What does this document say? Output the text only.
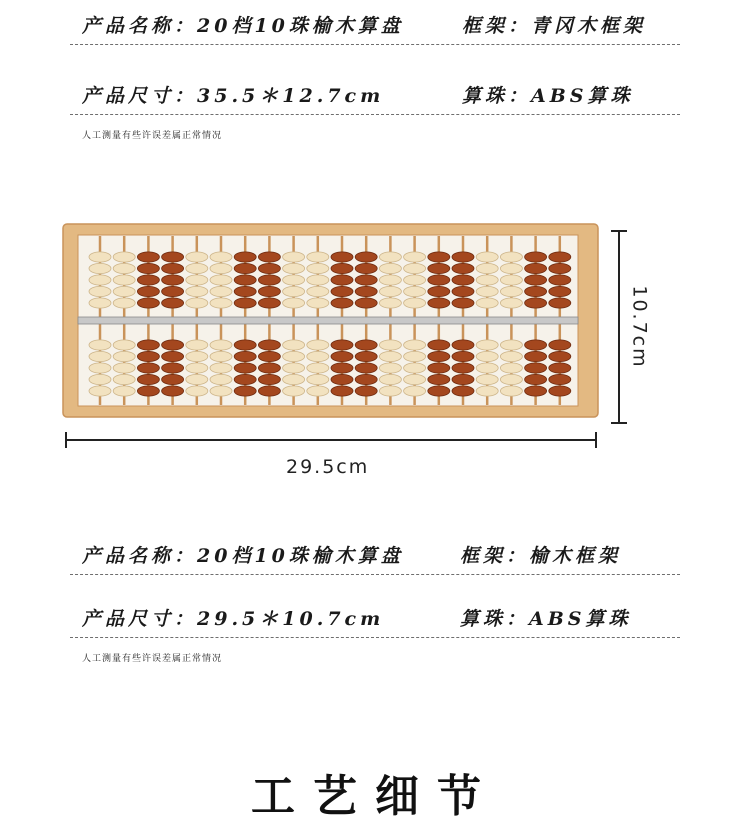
产品名称：20档10珠榆木算盘	框架：青冈木框架
产品尺寸：35.5＊12.7cm	算珠：ABS算珠
人工测量有些许误差属正常情况
29.5cm
10.7cm
产品名称：20档10珠榆木算盘	框架：榆木框架
产品尺寸：29.5＊10.7cm	算珠：ABS算珠
人工测量有些许误差属正常情况
工艺细节
